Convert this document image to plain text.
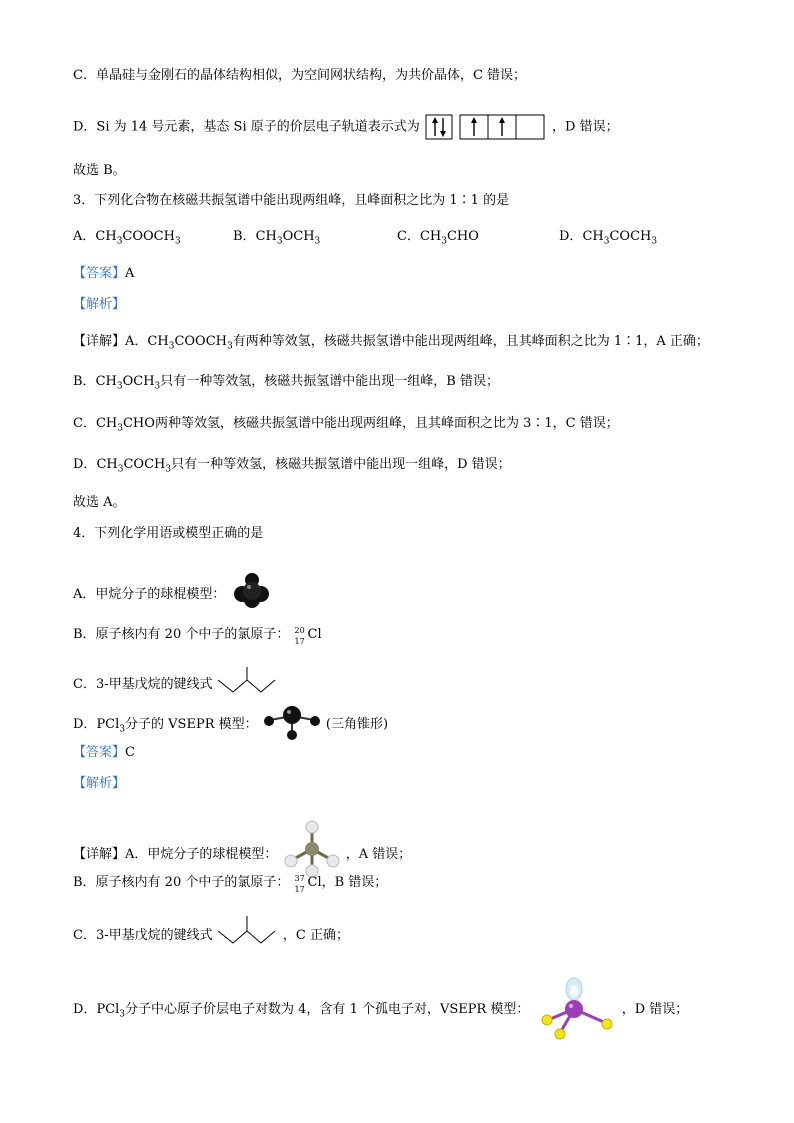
C．单晶硅与金刚石的晶体结构相似，为空间网状结构，为共价晶体，C 错误；
D．Si 为 14 号元素，基态 Si 原子的价层电子轨道表示式为	，D 错误；
故选 B。
3．下列化合物在核磁共振氢谱中能出现两组峰，且峰面积之比为 1∶1 的是
A．$CH_3COOCH_3$	B．$CH_3OCH_3$	C．$CH_3CHO$	D．$CH_3COCH_3$
【答案】A
【解析】
【详解】A．$CH_3COOCH_3$有两种等效氢，核磁共振氢谱中能出现两组峰，且其峰面积之比为 1∶1，A 正确；
B．$CH_3OCH_3$只有一种等效氢，核磁共振氢谱中能出现一组峰，B 错误；
C．$CH_3CHO$两种等效氢，核磁共振氢谱中能出现两组峰，且其峰面积之比为 3∶1，C 错误；
D．$CH_3COCH_3$只有一种等效氢，核磁共振氢谱中能出现一组峰，D 错误；
故选 A。
4．下列化学用语或模型正确的是
A．甲烷分子的球棍模型：
B．原子核内有 20 个中子的氯原子： 20
17 Cl
C．3-甲基戊烷的键线式
D．PCl$_3$分子的 VSEPR 模型：	(三角锥形)
【答案】C
【解析】
【详解】A．甲烷分子的球棍模型：	，A 错误；
B．原子核内有 20 个中子的氯原子： 37
17 Cl，B 错误；
C．3-甲基戊烷的键线式	，C 正确；
D．PCl$_3$分子中心原子价层电子对数为 4，含有 1 个孤电子对，VSEPR 模型：	，D 错误；
